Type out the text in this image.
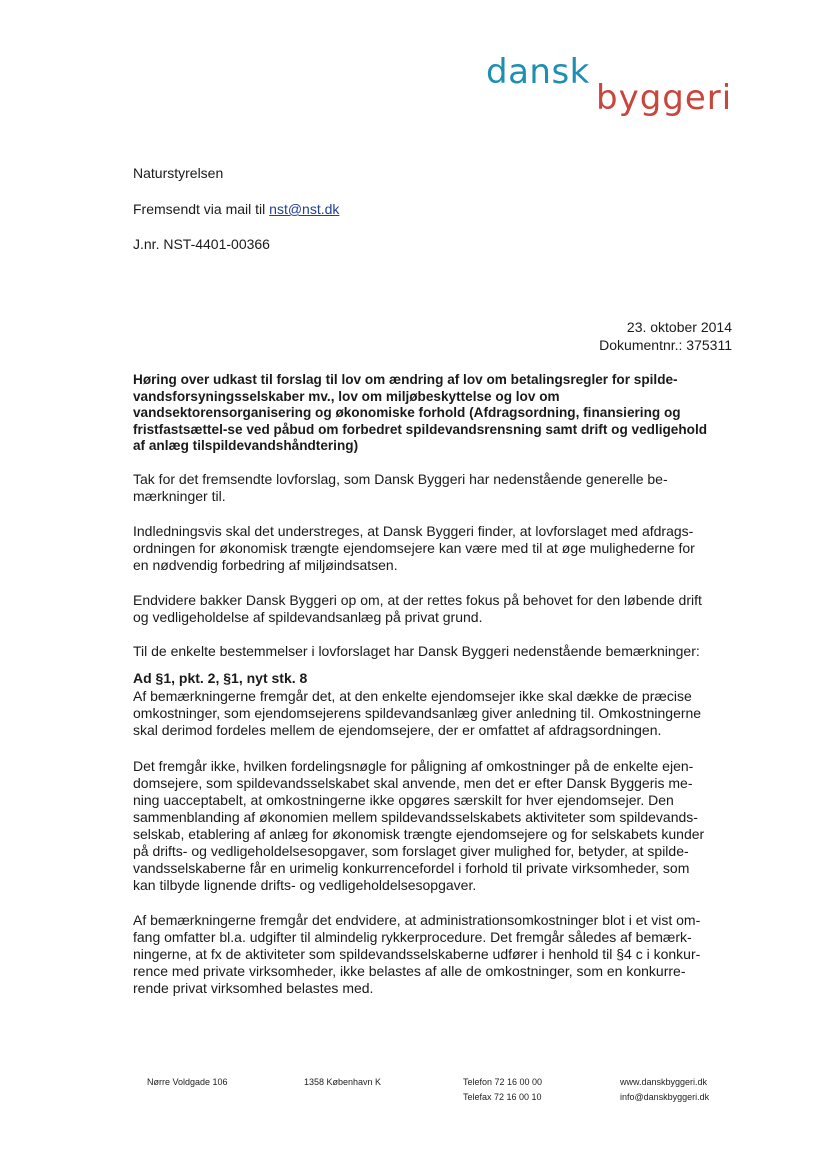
dansk
byggeri
Naturstyrelsen
Fremsendt via mail til nst@nst.dk
J.nr. NST-4401-00366
23. oktober 2014
Dokumentnr.: 375311
Høring over udkast til forslag til lov om ændring af lov om betalingsregler for spilde-vandsforsyningsselskaber mv., lov om miljøbeskyttelse og lov om vandsektorensorganisering og økonomiske forhold (Afdragsordning, finansiering og fristfastsættel-se ved påbud om forbedret spildevandsrensning samt drift og vedligehold af anlæg tilspildevandshåndtering)
Tak for det fremsendte lovforslag, som Dansk Byggeri har nedenstående generelle be-
mærkninger til.
Indledningsvis skal det understreges, at Dansk Byggeri finder, at lovforslaget med afdrags-
ordningen for økonomisk trængte ejendomsejere kan være med til at øge mulighederne for
en nødvendig forbedring af miljøindsatsen.
Endvidere bakker Dansk Byggeri op om, at der rettes fokus på behovet for den løbende drift
og vedligeholdelse af spildevandsanlæg på privat grund.
Til de enkelte bestemmelser i lovforslaget har Dansk Byggeri nedenstående bemærkninger:
Ad §1, pkt. 2, §1, nyt stk. 8
Af bemærkningerne fremgår det, at den enkelte ejendomsejer ikke skal dække de præcise
omkostninger, som ejendomsejerens spildevandsanlæg giver anledning til. Omkostningerne
skal derimod fordeles mellem de ejendomsejere, der er omfattet af afdragsordningen.
Det fremgår ikke, hvilken fordelingsnøgle for påligning af omkostninger på de enkelte ejen-
domsejere, som spildevandsselskabet skal anvende, men det er efter Dansk Byggeris me-
ning uacceptabelt, at omkostningerne ikke opgøres særskilt for hver ejendomsejer. Den
sammenblanding af økonomien mellem spildevandsselskabets aktiviteter som spildevands-
selskab, etablering af anlæg for økonomisk trængte ejendomsejere og for selskabets kunder
på drifts- og vedligeholdelsesopgaver, som forslaget giver mulighed for, betyder, at spilde-
vandsselskaberne får en urimelig konkurrencefordel i forhold til private virksomheder, som
kan tilbyde lignende drifts- og vedligeholdelsesopgaver.
Af bemærkningerne fremgår det endvidere, at administrationsomkostninger blot i et vist om-
fang omfatter bl.a. udgifter til almindelig rykkerprocedure. Det fremgår således af bemærk-
ningerne, at fx de aktiviteter som spildevandsselskaberne udfører i henhold til §4 c i konkur-
rence med private virksomheder, ikke belastes af alle de omkostninger, som en konkurre-
rende privat virksomhed belastes med.
Nørre Voldgade 106	1358 København K	Telefon 72 16 00 00
Telefax 72 16 00 10
www.danskbyggeri.dk
info@danskbyggeri.dk
